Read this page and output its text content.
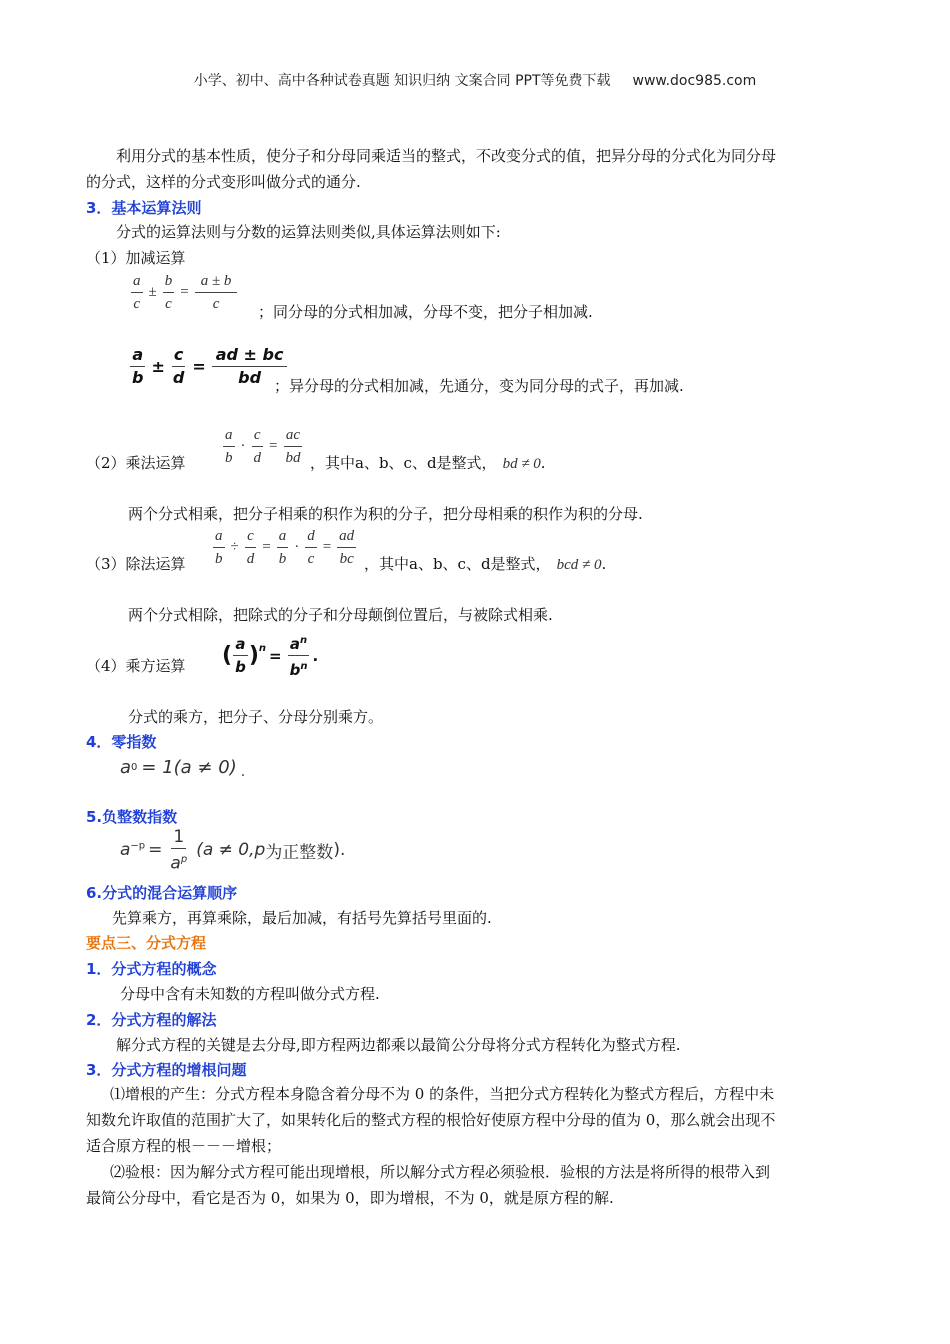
小学、初中、高中各种试卷真题 知识归纳 文案合同 PPT等免费下载 www.doc985.com
利用分式的基本性质，使分子和分母同乘适当的整式，不改变分式的值，把异分母的分式化为同分母
的分式，这样的分式变形叫做分式的通分.
3．基本运算法则
分式的运算法则与分数的运算法则类似,具体运算法则如下:
（1）加减运算
$\frac{a}{c} \pm \frac{b}{c} = \frac{a \pm b}{c}$ ；同分母的分式相加减，分母不变，把分子相加减.
$\frac{a}{b} \pm \frac{c}{d} = \frac{ad \pm bc}{bd}$
；异分母的分式相加减，先通分，变为同分母的式子，再加减.
（2）乘法运算 $\frac{a}{b} \cdot \frac{c}{d} = \frac{ac}{bd}$ ，其中a、b、c、d是整式， bd ≠ 0.
两个分式相乘，把分子相乘的积作为积的分子，把分母相乘的积作为积的分母.
（3）除法运算 $\frac{a}{b} \div \frac{c}{d} = \frac{a}{b} \cdot \frac{d}{c} = \frac{ad}{bc}$ ，其中a、b、c、d是整式， bcd ≠ 0.
两个分式相除，把除式的分子和分母颠倒位置后，与被除式相乘.
（4）乘方运算 ( $\frac{a}{b}$ ) $n = \frac{a^n}{b^n}$ .
分式的乘方，把分子、分母分别乘方。
4．零指数
a 0 = 1(a ≠ 0) .
5.负整数指数
$a^{-p} = \frac{1}{a^p} (a \ne 0$, p 为正整数 ).
6.分式的混合运算顺序
先算乘方，再算乘除，最后加减，有括号先算括号里面的.
要点三、分式方程
1．分式方程的概念
分母中含有未知数的方程叫做分式方程.
2．分式方程的解法
解分式方程的关键是去分母,即方程两边都乘以最简公分母将分式方程转化为整式方程.
3．分式方程的增根问题
⑴增根的产生：分式方程本身隐含着分母不为 0 的条件，当把分式方程转化为整式方程后，方程中未
知数允许取值的范围扩大了，如果转化后的整式方程的根恰好使原方程中分母的值为 0，那么就会出现不
适合原方程的根－－－增根；
⑵验根：因为解分式方程可能出现增根，所以解分式方程必须验根．验根的方法是将所得的根带入到
最简公分母中，看它是否为 0，如果为 0，即为增根，不为 0，就是原方程的解.
